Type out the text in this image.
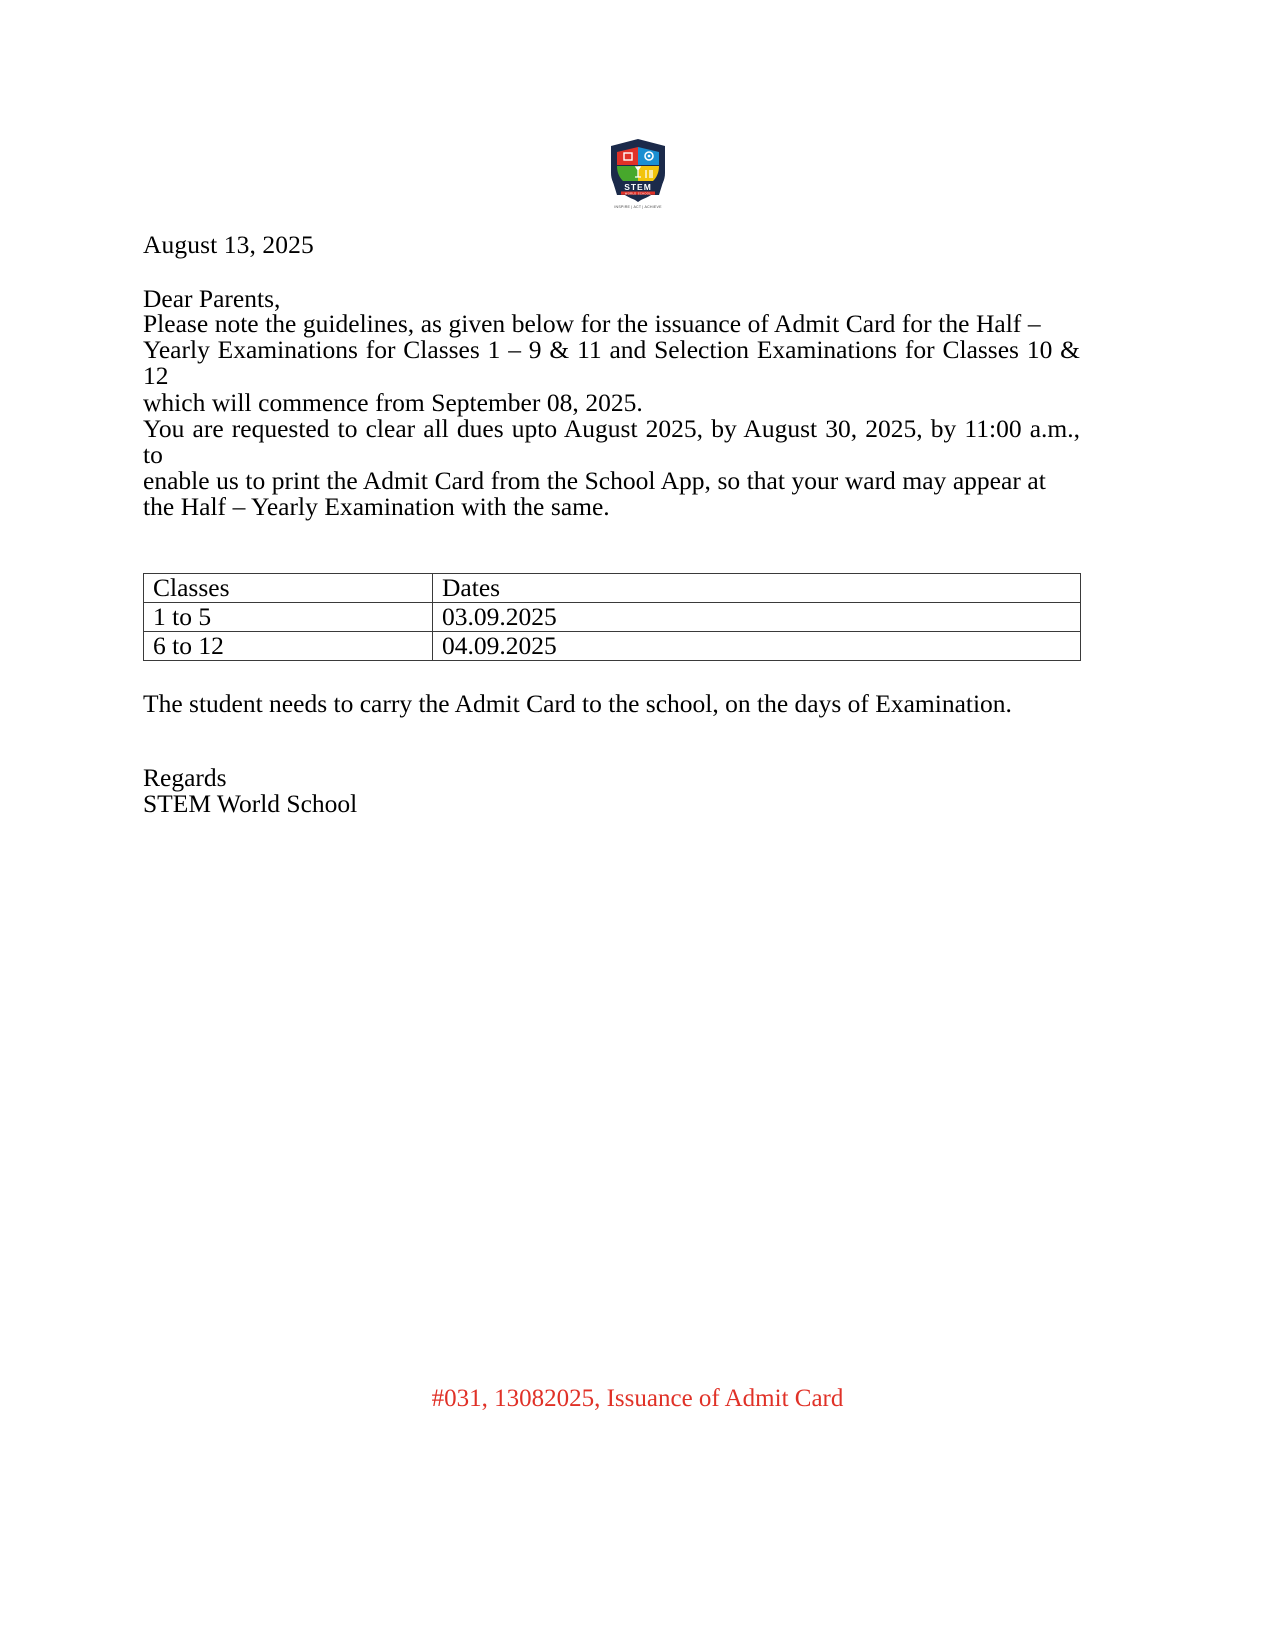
STEM
WORLD SCHOOL
INSPIRE | ACT | ACHIEVE
August 13, 2025
Dear Parents,

Please note the guidelines, as given below for the issuance of Admit Card for the Half –
Yearly Examinations for Classes 1 – 9 & 11 and Selection Examinations for Classes 10 & 12
which will commence from September 08, 2025.

You are requested to clear all dues upto August 2025, by August 30, 2025, by 11:00 a.m., to
enable us to print the Admit Card from the School App, so that your ward may appear at
the Half – Yearly Examination with the same.

Classes	Dates
1 to 5	03.09.2025
6 to 12	04.09.2025
The student needs to carry the Admit Card to the school, on the days of Examination.
Regards
STEM World School
#031, 13082025, Issuance of Admit Card
